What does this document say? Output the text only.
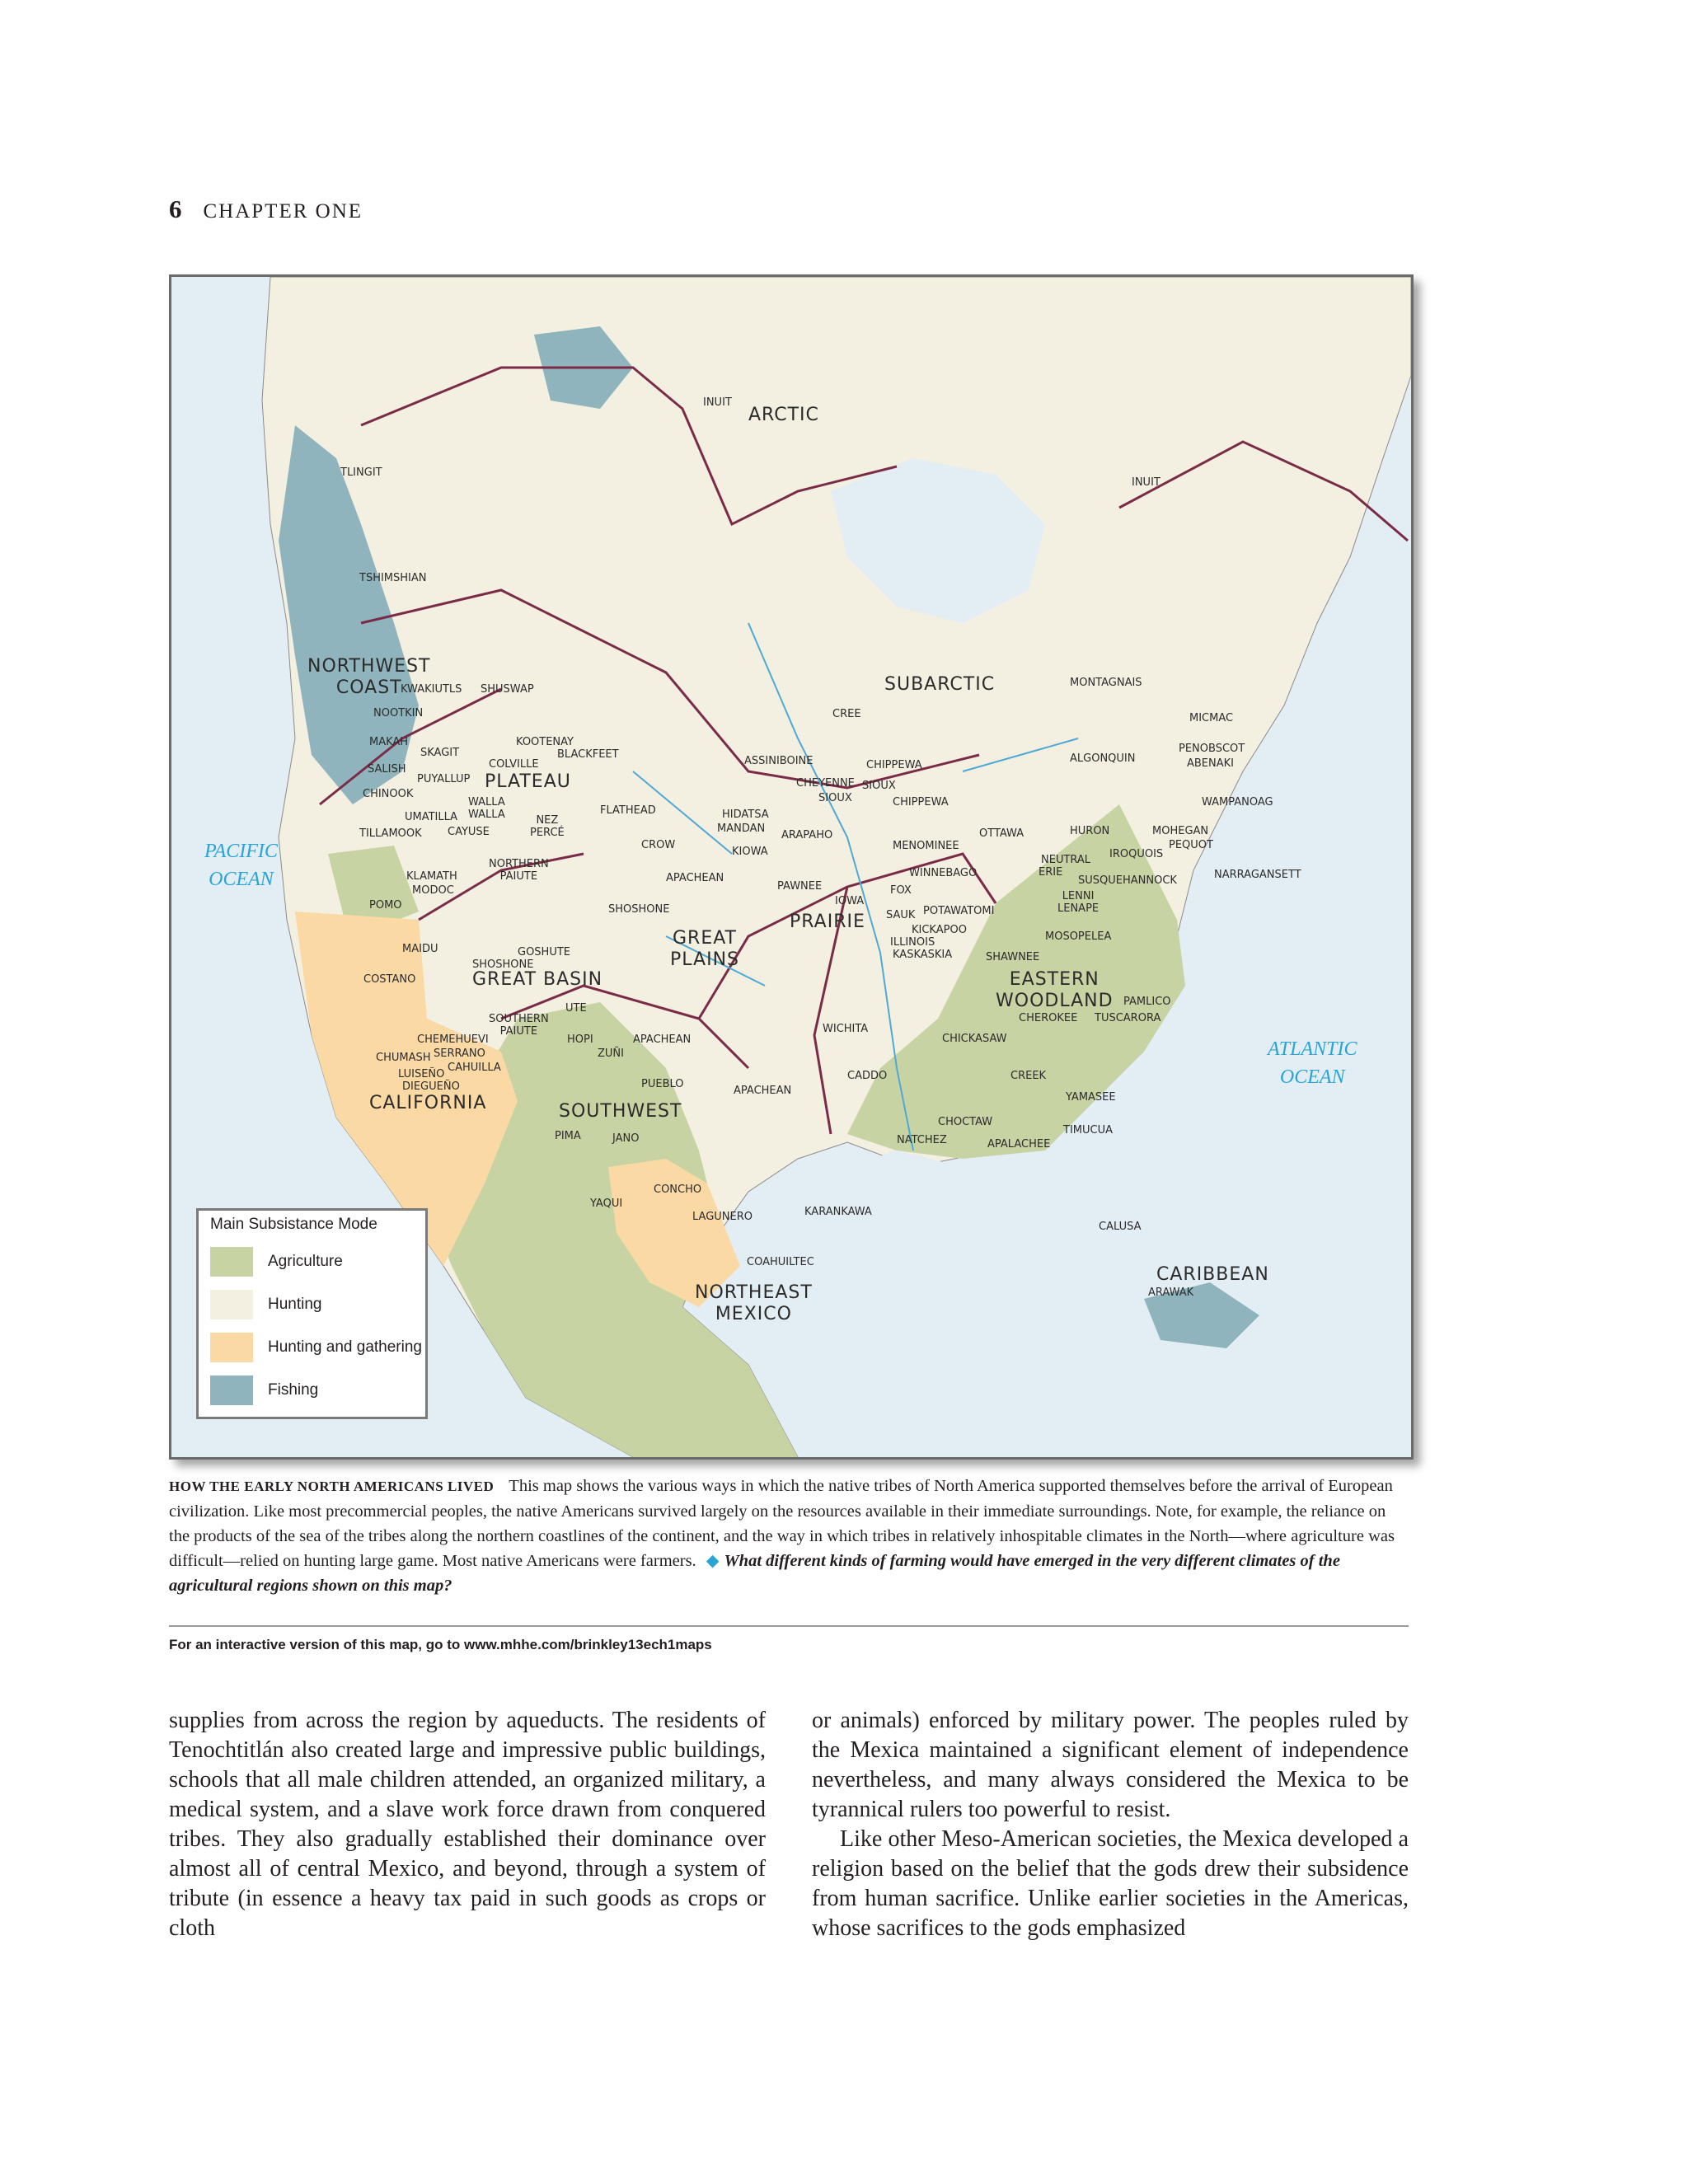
6 CHAPTER ONE
PACIFIC
OCEAN
ATLANTIC
OCEAN
ARCTIC
SUBARCTIC
NORTHWEST
COAST
PLATEAU
GREAT
PLAINS
PRAIRIE
GREAT BASIN
CALIFORNIA	SOUTHWEST
EASTERN
WOODLAND
NORTHEAST
MEXICO
CARIBBEAN
INUIT
INUIT
TLINGIT
TSHIMSHIAN
KWAKIUTLS SHUSWAP
NOOTKIN
MAKAH
SKAGIT
KOOTENAY
BLACKFEET
COLVILLE
SALISH
PUYALLUP
CHINOOK
WALLA
WALLA
UMATILLA
CAYUSE
NEZ
PERCÉ
TILLAMOOK
FLATHEAD
KLAMATH
MODOC
NORTHERN
PAIUTE
POMO	SHOSHONE
CROW
APACHEAN
MAIDU	GOSHUTE
SHOSHONE
COSTANO
UTE
SOUTHERN
PAIUTE
CHEMEHUEVI
SERRANO
CAHUILLA
CHUMASH
LUISEÑO
DIEGUEÑO
HOPI
ZUÑI
APACHEAN
PUEBLO
PIMA	JANO
CONCHO
YAQUI
LAGUNERO
COAHUILTEC
KARANKAWA
APACHEAN
CADDO
WICHITA
CREE
ASSINIBOINE
CHEYENNE SIOUX
SIOUX
HIDATSA
MANDAN
ARAPAHO
KIOWA
PAWNEE
IOWA
CHIPPEWA
CHIPPEWA
MENOMINEE
OTTAWA
WINNEBAGO
FOX
SAUK POTAWATOMI
KICKAPOO
ILLINOIS
KASKASKIA	SHAWNEE
MONTAGNAIS
MICMAC
ALGONQUIN
PENOBSCOT
ABENAKI
WAMPANOAG
MOHEGAN
PEQUOT
HURON
IROQUOIS
NEUTRAL
ERIE	NARRAGANSETT
SUSQUEHANNOCK
LENNI
LENAPE
MOSOPELEA
PAMLICO
CHEROKEE TUSCARORA
CHICKASAW
CREEK
YAMASEE
CHOCTAW
NATCHEZ	APALACHEE
TIMUCUA
CALUSA
ARAWAK
Main Subsistance Mode
Agriculture
Hunting
Hunting and gathering
Fishing
HOW THE EARLY NORTH AMERICANS LIVED This map shows the various ways in which the native tribes of North America supported themselves before the arrival of European civilization. Like most precommercial peoples, the native Americans survived largely on the resources available in their immediate surroundings. Note, for example, the reliance on the products of the sea of the tribes along the northern coastlines of the continent, and the way in which tribes in relatively inhospitable climates in the North—where agriculture was difficult—relied on hunting large game. Most native Americans were farmers. ◆ What different kinds of farming would have emerged in the very different climates of the agricultural regions shown on this map?
For an interactive version of this map, go to www.mhhe.com/brinkley13ech1maps

supplies from across the region by aqueducts. The residents of Tenochtitlán also created large and impressive public buildings, schools that all male children attended, an organized military, a medical system, and a slave work force drawn from conquered tribes. They also gradually established their dominance over almost all of central Mexico, and beyond, through a system of tribute (in essence a heavy tax paid in such goods as crops or cloth

or animals) enforced by military power. The peoples ruled by the Mexica maintained a significant element of independence nevertheless, and many always considered the Mexica to be tyrannical rulers too powerful to resist.

Like other Meso-American societies, the Mexica developed a religion based on the belief that the gods drew their subsidence from human sacrifice. Unlike earlier societies in the Americas, whose sacrifices to the gods emphasized
